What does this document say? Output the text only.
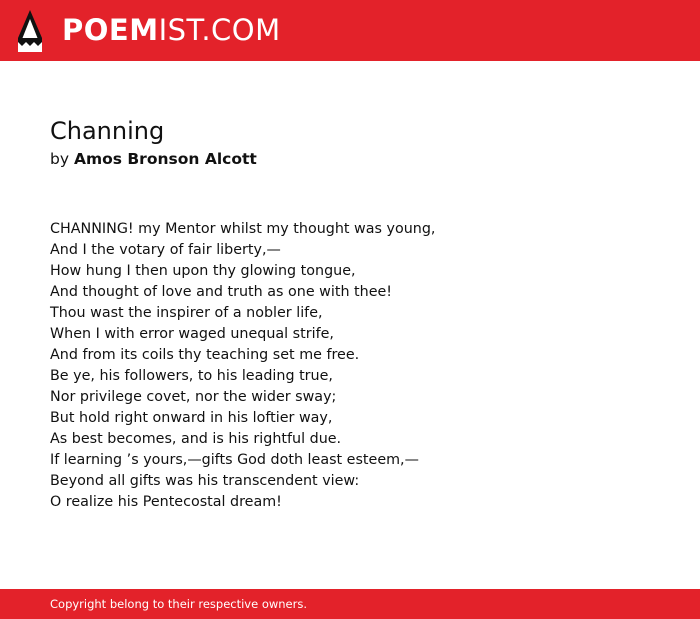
POEMIST.COM
Channing
by Amos Bronson Alcott
CHANNING! my Mentor whilst my thought was young,
And I the votary of fair liberty,—
How hung I then upon thy glowing tongue,
And thought of love and truth as one with thee!
Thou wast the inspirer of a nobler life,
When I with error waged unequal strife,
And from its coils thy teaching set me free.
Be ye, his followers, to his leading true,
Nor privilege covet, nor the wider sway;
But hold right onward in his loftier way,
As best becomes, and is his rightful due.
If learning ’s yours,—gifts God doth least esteem,—
Beyond all gifts was his transcendent view:
O realize his Pentecostal dream!
Copyright belong to their respective owners.
